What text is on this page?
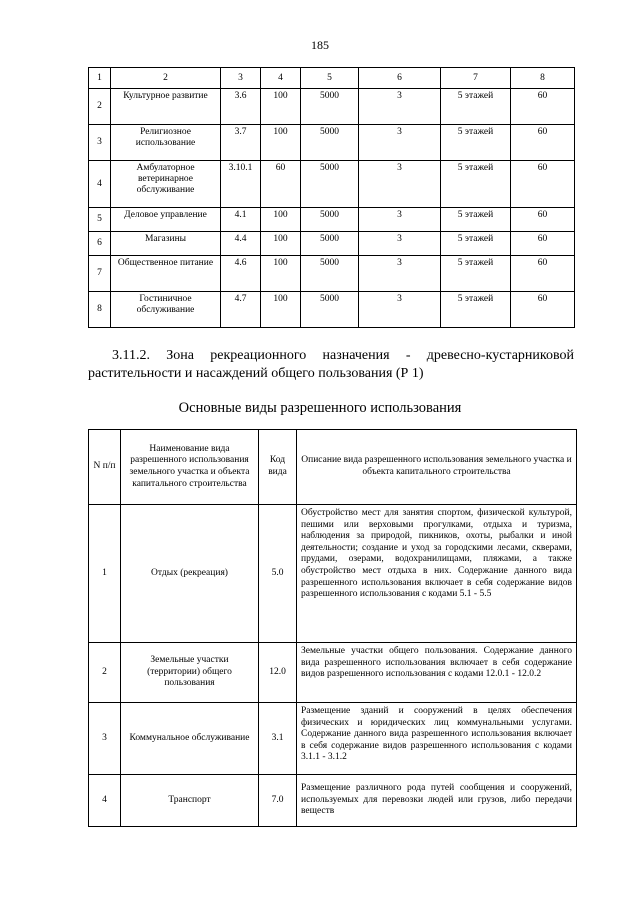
185
1	2	3	4	5	6	7	8
2	Культурное развитие	3.6	100	5000	3	5 этажей	60
3	Религиозное использование	3.7	100	5000	3	5 этажей	60
4	Амбулаторное ветеринарное обслуживание	3.10.1	60	5000	3	5 этажей	60
5	Деловое управление	4.1	100	5000	3	5 этажей	60
6	Магазины	4.4	100	5000	3	5 этажей	60
7	Общественное питание	4.6	100	5000	3	5 этажей	60
8	Гостиничное обслуживание	4.7	100	5000	3	5 этажей	60
3.11.2. Зона рекреационного назначения - древесно-кустарниковой растительности и насаждений общего пользования (Р 1)
Основные виды разрешенного использования
N п/п	Наименование вида разрешенного использования земельного участка и объекта капитального строительства	Код вида	Описание вида разрешенного использования земельного участка и объекта капитального строительства
1	Отдых (рекреация)	5.0	Обустройство мест для занятия спортом, физической культурой, пешими или верховыми прогулками, отдыха и туризма, наблюдения за природой, пикников, охоты, рыбалки и иной деятельности; создание и уход за городскими лесами, скверами, прудами, озерами, водохранилищами, пляжами, а также обустройство мест отдыха в них. Содержание данного вида разрешенного использования включает в себя содержание видов разрешенного использования с кодами 5.1 - 5.5
2	Земельные участки (территории) общего пользования	12.0	Земельные участки общего пользования. Содержание данного вида разрешенного использования включает в себя содержание видов разрешенного использования с кодами 12.0.1 - 12.0.2
3	Коммунальное обслуживание	3.1	Размещение зданий и сооружений в целях обеспечения физических и юридических лиц коммунальными услугами. Содержание данного вида разрешенного использования включает в себя содержание видов разрешенного использования с кодами 3.1.1 - 3.1.2
4	Транспорт	7.0	Размещение различного рода путей сообщения и сооружений, используемых для перевозки людей или грузов, либо передачи веществ
